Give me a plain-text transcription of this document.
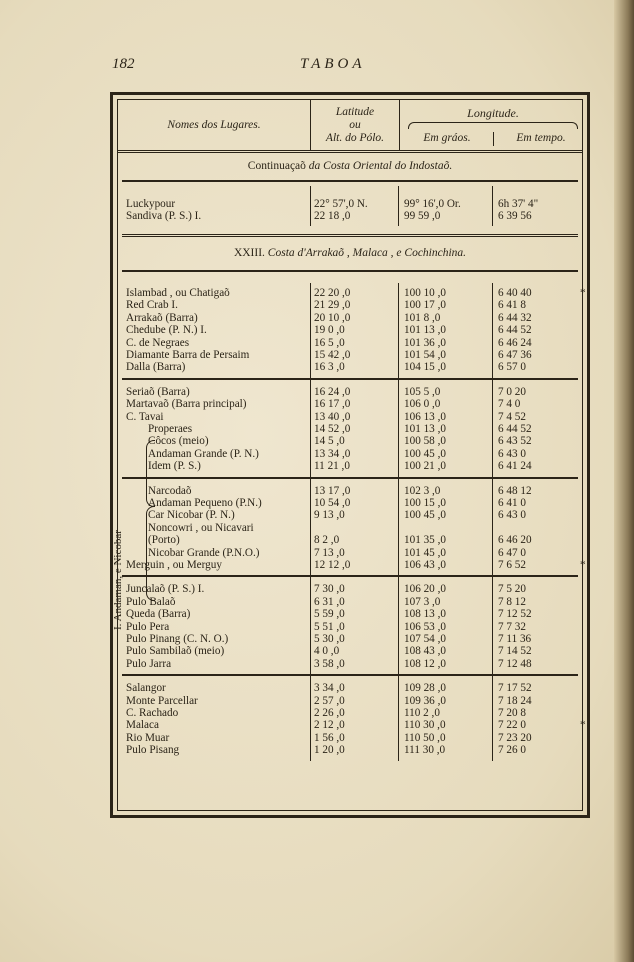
182	TABOA
Nomes dos Lugares.
Latitude
ou
Alt. do Pólo.
Longitude.
Em gráos.	Em tempo.
Continuaçaõ da Costa Oriental do Indostaõ.
XXIII. Costa d'Arrakaõ , Malaca , e Cochinchina.
I. Andaman, e Nicobar
Luckypour	22° 57',0 N.	99° 16',0 Or.	6h 37' 4"
Sandiva (P. S.) I.	22 18 ,0	99 59 ,0	6 39 56
Islambad , ou Chatigaõ	22 20 ,0	100 10 ,0	6 40 40	*
Red Crab I.	21 29 ,0	100 17 ,0	6 41 8
Arrakaõ (Barra)	20 10 ,0	101 8 ,0	6 44 32
Chedube (P. N.) I.	19 0 ,0	101 13 ,0	6 44 52
C. de Negraes	16 5 ,0	101 36 ,0	6 46 24
Diamante Barra de Persaim	15 42 ,0	101 54 ,0	6 47 36
Dalla (Barra)	16 3 ,0	104 15 ,0	6 57 0
Seriaõ (Barra)	16 24 ,0	105 5 ,0	7 0 20
Martavaõ (Barra principal)	16 17 ,0	106 0 ,0	7 4 0
C. Tavai	13 40 ,0	106 13 ,0	7 4 52
Properaes	14 52 ,0	101 13 ,0	6 44 52
Côcos (meio)	14 5 ,0	100 58 ,0	6 43 52
Andaman Grande (P. N.)	13 34 ,0	100 45 ,0	6 43 0
Idem (P. S.)	11 21 ,0	100 21 ,0	6 41 24
Narcodaõ	13 17 ,0	102 3 ,0	6 48 12
Andaman Pequeno (P.N.)	10 54 ,0	100 15 ,0	6 41 0
Car Nicobar (P. N.)	9 13 ,0	100 45 ,0	6 43 0
Noncowri , ou Nicavari
(Porto)	8 2 ,0	101 35 ,0	6 46 20
Nicobar Grande (P.N.O.)	7 13 ,0	101 45 ,0	6 47 0
Merguin , ou Merguy	12 12 ,0	106 43 ,0	7 6 52	*
Juncalaõ (P. S.) I.	7 30 ,0	106 20 ,0	7 5 20
Pulo Balaõ	6 31 ,0	107 3 ,0	7 8 12
Queda (Barra)	5 59 ,0	108 13 ,0	7 12 52
Pulo Pera	5 51 ,0	106 53 ,0	7 7 32
Pulo Pinang (C. N. O.)	5 30 ,0	107 54 ,0	7 11 36
Pulo Sambilaõ (meio)	4 0 ,0	108 43 ,0	7 14 52
Pulo Jarra	3 58 ,0	108 12 ,0	7 12 48
Salangor	3 34 ,0	109 28 ,0	7 17 52
Monte Parcellar	2 57 ,0	109 36 ,0	7 18 24
C. Rachado	2 26 ,0	110 2 ,0	7 20 8
Malaca	2 12 ,0	110 30 ,0	7 22 0	*
Rio Muar	1 56 ,0	110 50 ,0	7 23 20
Pulo Pisang	1 20 ,0	111 30 ,0	7 26 0
